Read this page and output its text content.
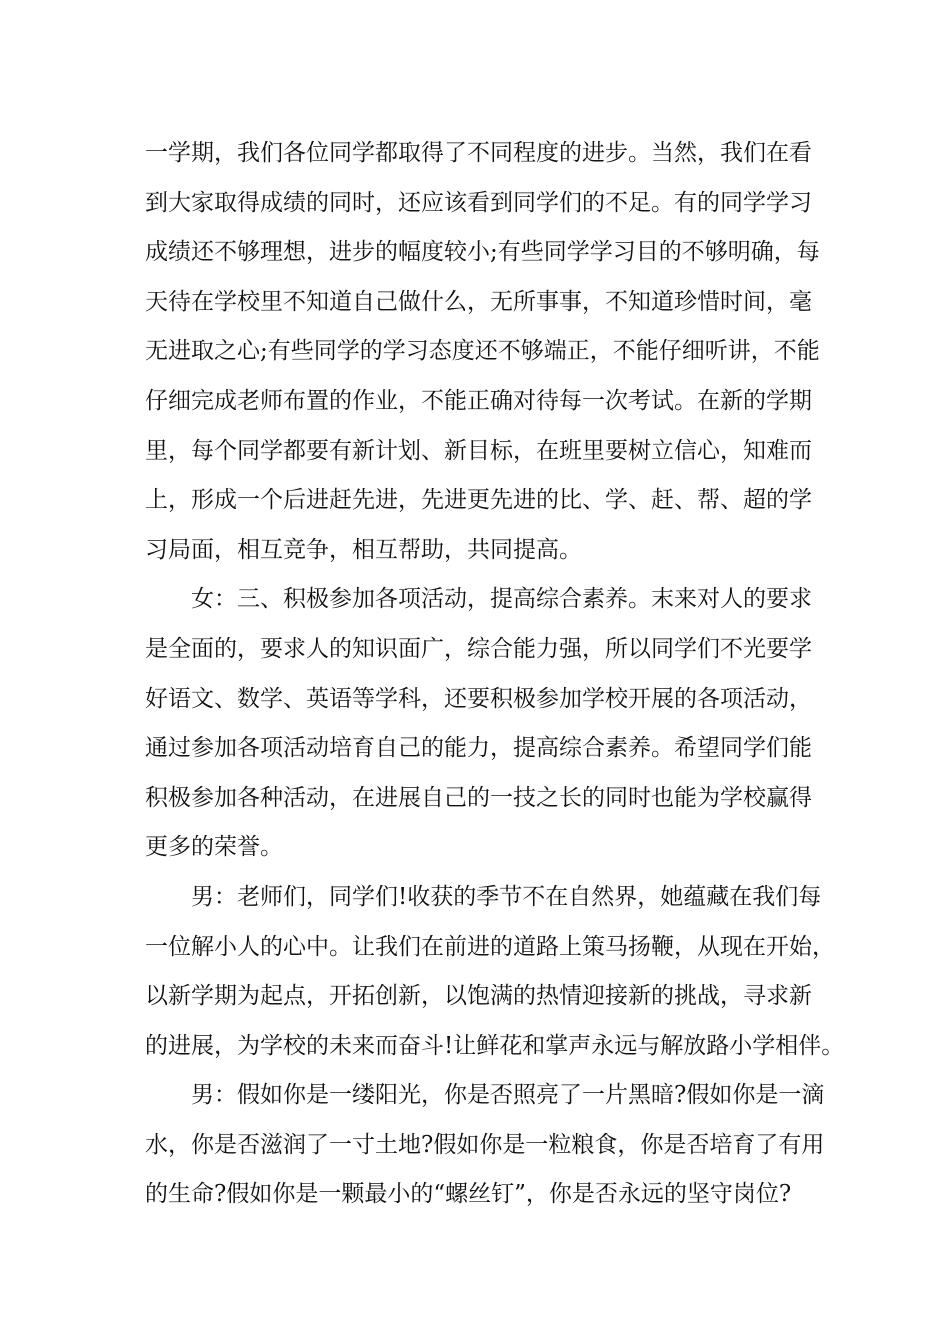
一学期，我们各位同学都取得了不同程度的进步。当然，我们在看
到大家取得成绩的同时，还应该看到同学们的不足。有的同学学习
成绩还不够理想，进步的幅度较小;有些同学学习目的不够明确，每
天待在学校里不知道自己做什么，无所事事，不知道珍惜时间，毫
无进取之心;有些同学的学习态度还不够端正，不能仔细听讲，不能
仔细完成老师布置的作业，不能正确对待每一次考试。在新的学期
里，每个同学都要有新计划、新目标，在班里要树立信心，知难而
上，形成一个后进赶先进，先进更先进的比、学、赶、帮、超的学
习局面，相互竞争，相互帮助，共同提高。
　　女：三、积极参加各项活动，提高综合素养。末来对人的要求
是全面的，要求人的知识面广，综合能力强，所以同学们不光要学
好语文、数学、英语等学科，还要积极参加学校开展的各项活动，
通过参加各项活动培育自己的能力，提高综合素养。希望同学们能
积极参加各种活动，在进展自己的一技之长的同时也能为学校赢得
更多的荣誉。
　　男：老师们，同学们!收获的季节不在自然界，她蕴藏在我们每
一位解小人的心中。让我们在前进的道路上策马扬鞭，从现在开始，
以新学期为起点，开拓创新，以饱满的热情迎接新的挑战，寻求新
的进展，为学校的未来而奋斗!让鲜花和掌声永远与解放路小学相伴。
　　男：假如你是一缕阳光，你是否照亮了一片黑暗?假如你是一滴
水，你是否滋润了一寸土地?假如你是一粒粮食，你是否培育了有用
的生命?假如你是一颗最小的“螺丝钉”，你是否永远的坚守岗位?
